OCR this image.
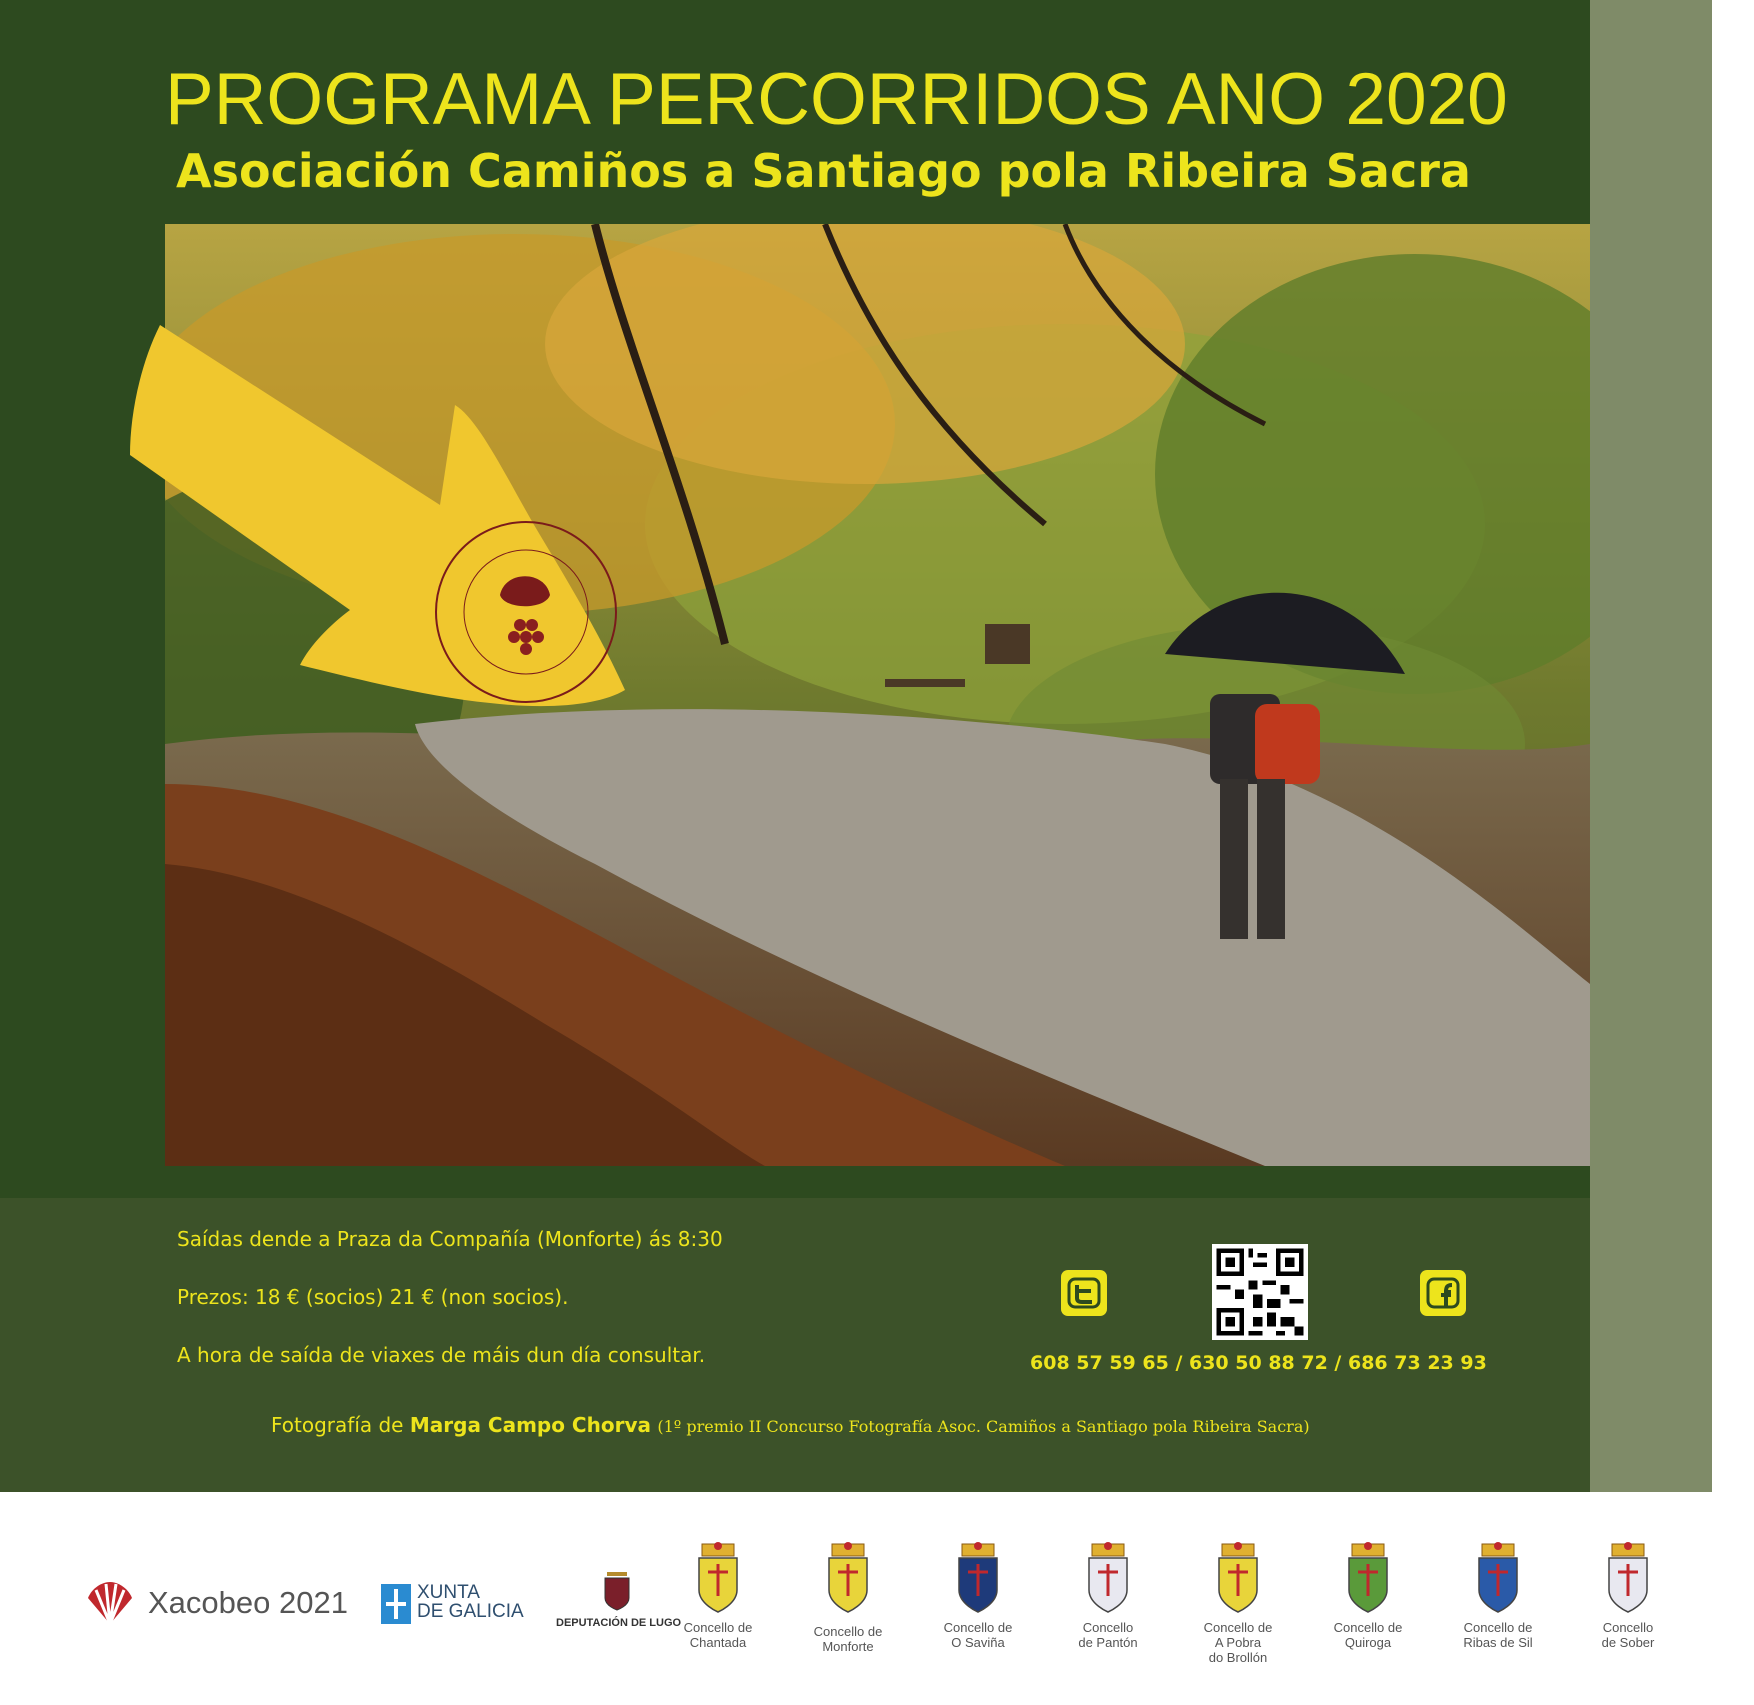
PROGRAMA PERCORRIDOS ANO 2020
Asociación Camiños a Santiago pola Ribeira Sacra
Saídas dende a Praza da Compañía (Monforte) ás 8:30
Prezos: 18 € (socios) 21 € (non socios).
A hora de saída de viaxes de máis dun día consultar.	608 57 59 65 / 630 50 88 72 / 686 73 23 93
Fotografía de Marga Campo Chorva (1º premio II Concurso Fotografía Asoc. Camiños a Santiago pola Ribeira Sacra)
Xacobeo 2021	XUNTA
DE GALICIA
DEPUTACIÓN DE LUGO Concello de
Chantada
Concello de
Monforte
Concello de
O Saviña
Concello
de Pantón
Concello de
A Pobra
do Brollón
Concello de
Quiroga
Concello de
Ribas de Sil
Concello
de Sober
